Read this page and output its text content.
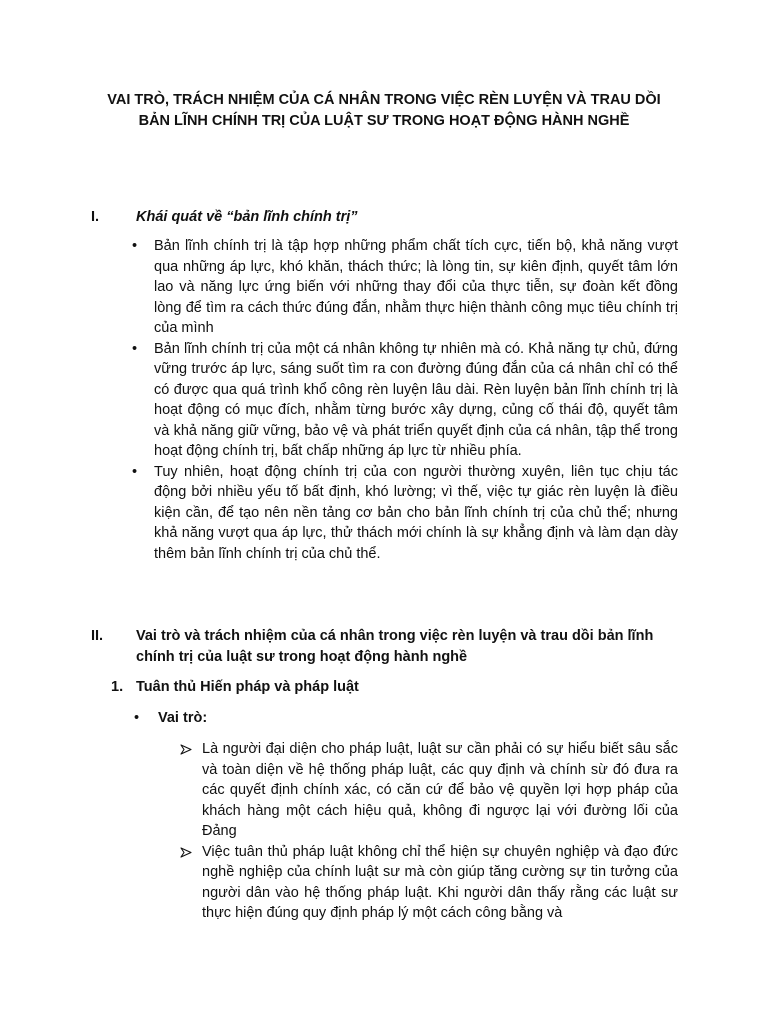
VAI TRÒ, TRÁCH NHIỆM CỦA CÁ NHÂN TRONG VIỆC RÈN LUYỆN VÀ TRAU DỒI
BẢN LĨNH CHÍNH TRỊ CỦA LUẬT SƯ TRONG HOẠT ĐỘNG HÀNH NGHỀ
I.	Khái quát về “bản lĩnh chính trị”
• Bản lĩnh chính trị là tập hợp những phẩm chất tích cực, tiến bộ, khả năng vượt qua những áp lực, khó khăn, thách thức; là lòng tin, sự kiên định, quyết tâm lớn lao và năng lực ứng biến với những thay đổi của thực tiễn, sự đoàn kết đồng lòng để tìm ra cách thức đúng đắn, nhằm thực hiện thành công mục tiêu chính trị của mình
• Bản lĩnh chính trị của một cá nhân không tự nhiên mà có. Khả năng tự chủ, đứng vững trước áp lực, sáng suốt tìm ra con đường đúng đắn của cá nhân chỉ có thể có được qua quá trình khổ công rèn luyện lâu dài. Rèn luyện bản lĩnh chính trị là hoạt động có mục đích, nhằm từng bước xây dựng, củng cố thái độ, quyết tâm và khả năng giữ vững, bảo vệ và phát triển quyết định của cá nhân, tập thể trong hoạt động chính trị, bất chấp những áp lực từ nhiều phía.
• Tuy nhiên, hoạt động chính trị của con người thường xuyên, liên tục chịu tác động bởi nhiều yếu tố bất định, khó lường; vì thế, việc tự giác rèn luyện là điều kiện cần, để tạo nên nền tảng cơ bản cho bản lĩnh chính trị của chủ thể; nhưng khả năng vượt qua áp lực, thử thách mới chính là sự khẳng định và làm dạn dày thêm bản lĩnh chính trị của chủ thể.
II. Vai trò và trách nhiệm của cá nhân trong việc rèn luyện và trau dồi bản lĩnh chính trị của luật sư trong hoạt động hành nghề
1. Tuân thủ Hiến pháp và pháp luật
• Vai trò:
Là người đại diện cho pháp luật, luật sư cần phải có sự hiểu biết sâu sắc và toàn diện về hệ thống pháp luật, các quy định và chính sừ đó đưa ra các quyết định chính xác, có căn cứ để bảo vệ quyền lợi hợp pháp của khách hàng một cách hiệu quả, không đi ngược lại với đường lối của Đảng
Việc tuân thủ pháp luật không chỉ thể hiện sự chuyên nghiệp và đạo đức nghề nghiệp của chính luật sư mà còn giúp tăng cường sự tin tưởng của người dân vào hệ thống pháp luật. Khi người dân thấy rằng các luật sư thực hiện đúng quy định pháp lý một cách công bằng và
